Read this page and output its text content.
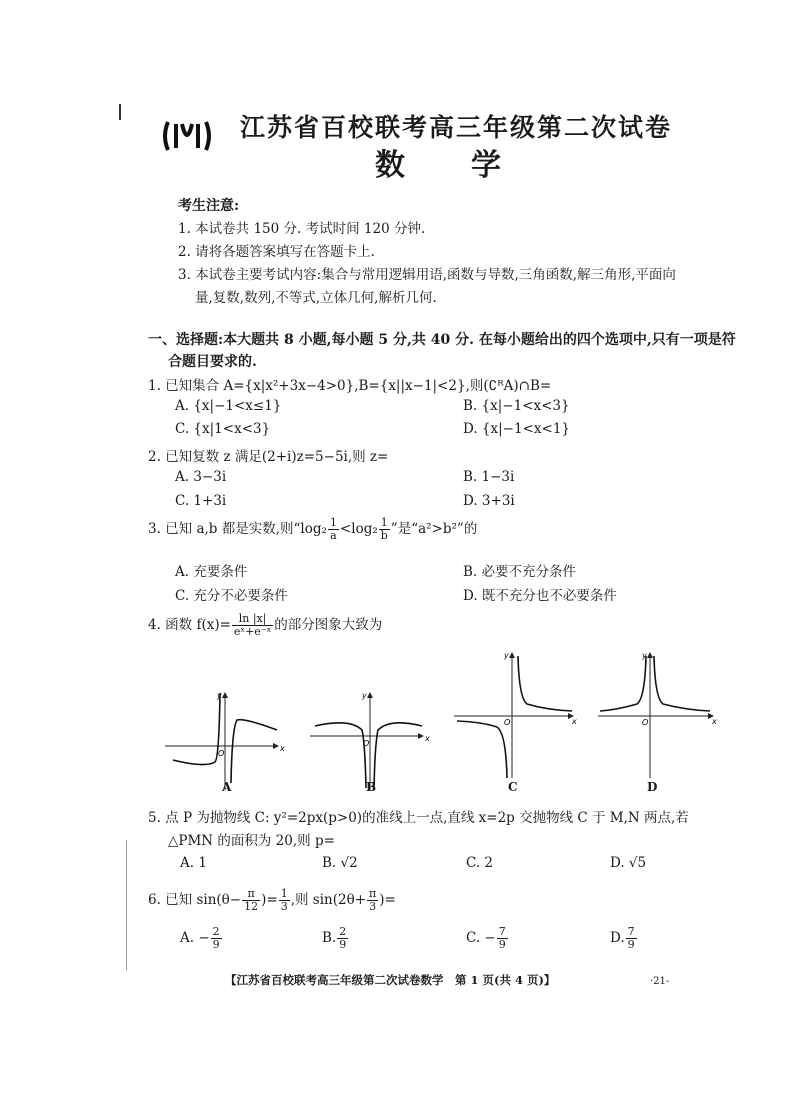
江苏省百校联考高三年级第二次试卷
数学
考生注意:
1. 本试卷共 150 分. 考试时间 120 分钟.
2. 请将各题答案填写在答题卡上.
3. 本试卷主要考试内容:集合与常用逻辑用语,函数与导数,三角函数,解三角形,平面向
量,复数,数列,不等式,立体几何,解析几何.
一、选择题:本大题共 8 小题,每小题 5 分,共 40 分. 在每小题给出的四个选项中,只有一项是符
合题目要求的.
1. 已知集合 A={x|x²+3x−4>0},B={x||x−1|<2},则(∁ᴿA)∩B=
A. {x|−1<x≤1}	B. {x|−1<x<3}
C. {x|1<x<3}	D. {x|−1<x<1}
2. 已知复数 z 满足(2+i)z=5−5i,则 z=
A. 3−3i	B. 1−3i
C. 1+3i	D. 3+3i
3. 已知 a,b 都是实数,则“$\log_2 \frac{1}{a} <\log_2 \frac{1}{b}$ ”是“a²>b²”的
A. 充要条件	B. 必要不充分条件
C. 充分不必要条件	D. 既不充分也不必要条件
4. 函数 $f(x)= \frac{\ln |x|}{\text{eˣ+e⁻ˣ}}$ 的部分图象大致为
x
y
O
A
x
y
O
B
x
y
O
C
x
y
O
D
5. 点 P 为抛物线 C: y²=2px(p>0)的准线上一点,直线 x=2p 交抛物线 C 于 M,N 两点,若
△PMN 的面积为 20,则 p=
A. 1	B. √2	C. 2	D. √5
6. 已知 $\sin(\theta- \frac{\pi}{12}$ )= $\frac{1}{3}$ ,则 $\sin(2\theta+ \frac{\pi}{3}$ )=
A. − $\frac{2}{9}$	B. $\frac{2}{9}$	C. − $\frac{7}{9}$	D. $\frac{7}{9}$
【江苏省百校联考高三年级第二次试卷数学　第 1 页(共 4 页)】	·21-
